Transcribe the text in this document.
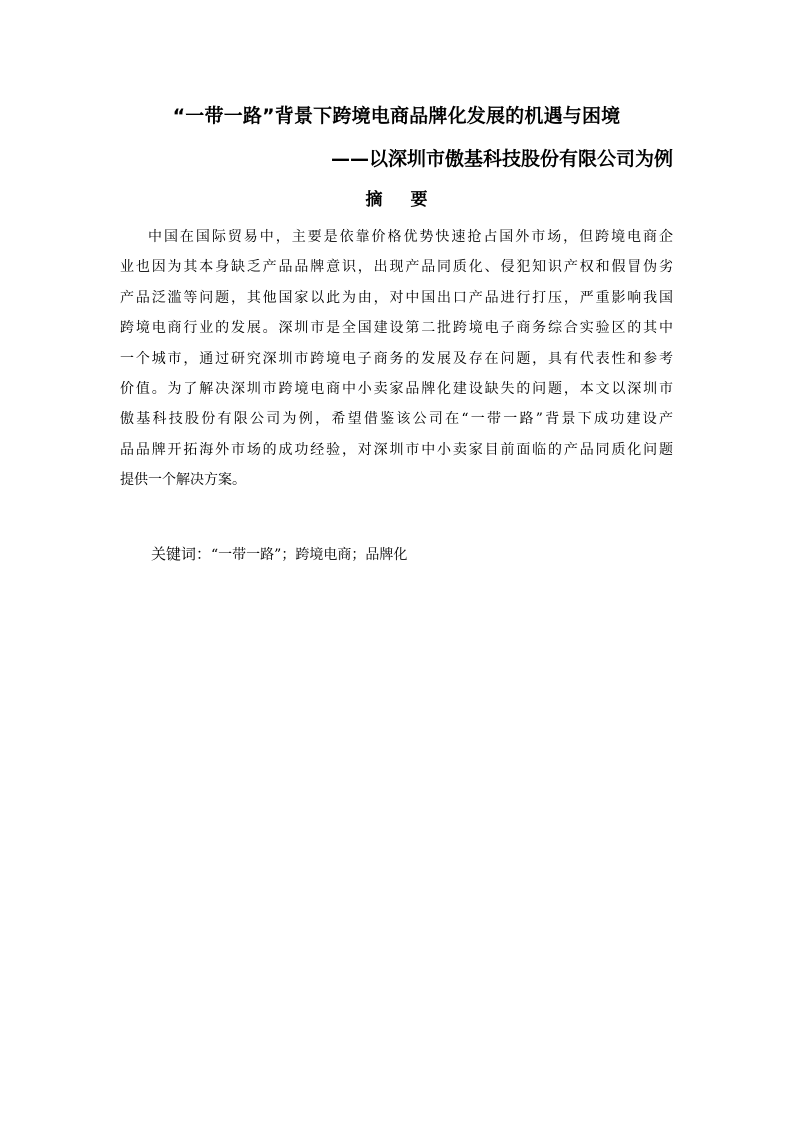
“一带一路”背景下跨境电商品牌化发展的机遇与困境
——以深圳市傲基科技股份有限公司为例
摘要
中国在国际贸易中，主要是依靠价格优势快速抢占国外市场，但跨境电商企
业也因为其本身缺乏产品品牌意识，出现产品同质化、侵犯知识产权和假冒伪劣
产品泛滥等问题，其他国家以此为由，对中国出口产品进行打压，严重影响我国
跨境电商行业的发展。深圳市是全国建设第二批跨境电子商务综合实验区的其中
一个城市，通过研究深圳市跨境电子商务的发展及存在问题，具有代表性和参考
价值。为了解决深圳市跨境电商中小卖家品牌化建设缺失的问题，本文以深圳市
傲基科技股份有限公司为例，希望借鉴该公司在“一带一路”背景下成功建设产
品品牌开拓海外市场的成功经验，对深圳市中小卖家目前面临的产品同质化问题
提供一个解决方案。
关键词：“一带一路”；跨境电商；品牌化
